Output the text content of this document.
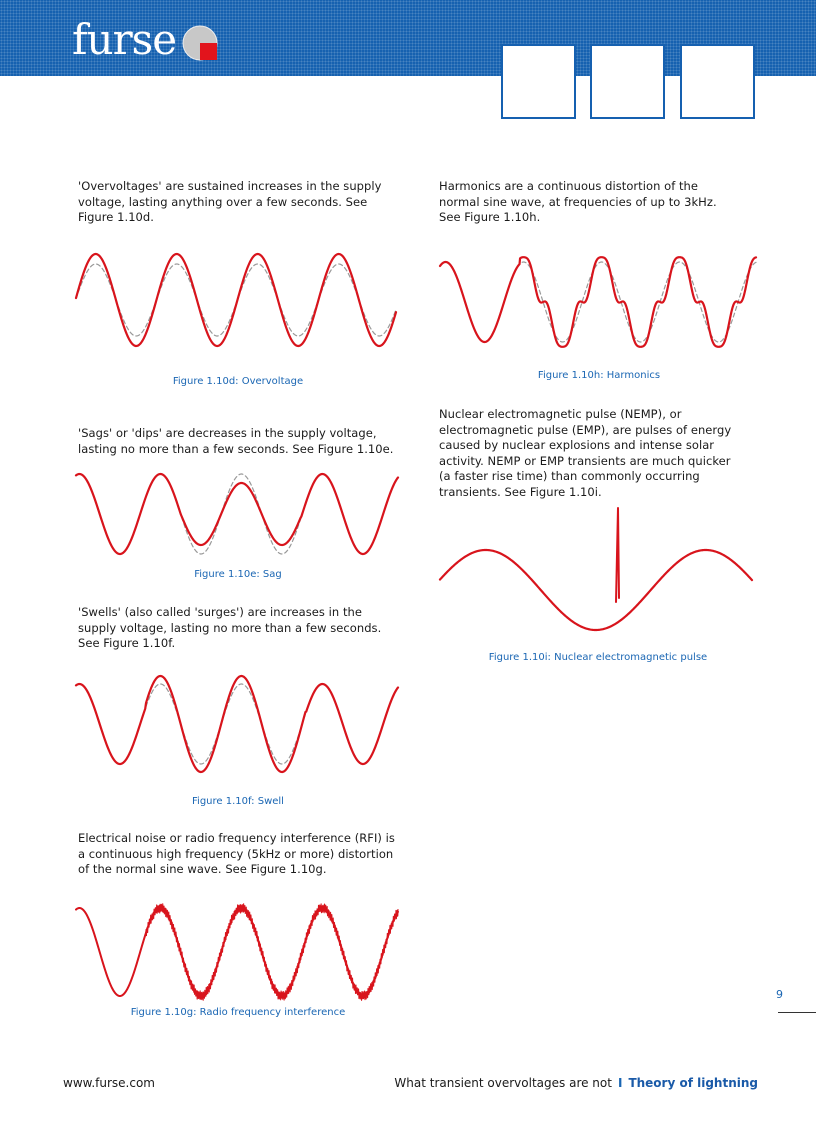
furse

'Overvoltages' are sustained increases in the supply voltage, lasting anything over a few seconds. See Figure 1.10d.

Figure 1.10d: Overvoltage

'Sags' or 'dips' are decreases in the supply voltage, lasting no more than a few seconds. See Figure 1.10e.

Figure 1.10e: Sag

'Swells' (also called 'surges') are increases in the supply voltage, lasting no more than a few seconds. See Figure 1.10f.

Figure 1.10f: Swell

Electrical noise or radio frequency interference (RFI) is a continuous high frequency (5kHz or more) distortion of the normal sine wave. See Figure 1.10g.

Figure 1.10g: Radio frequency interference

Harmonics are a continuous distortion of the normal sine wave, at frequencies of up to 3kHz. See Figure 1.10h.

Figure 1.10h: Harmonics

Nuclear electromagnetic pulse (NEMP), or electromagnetic pulse (EMP), are pulses of energy caused by nuclear explosions and intense solar activity. NEMP or EMP transients are much quicker (a faster rise time) than commonly occurring transients. See Figure 1.10i.

Figure 1.10i: Nuclear electromagnetic pulse
9
www.furse.com	What transient overvoltages are not I Theory of lightning
